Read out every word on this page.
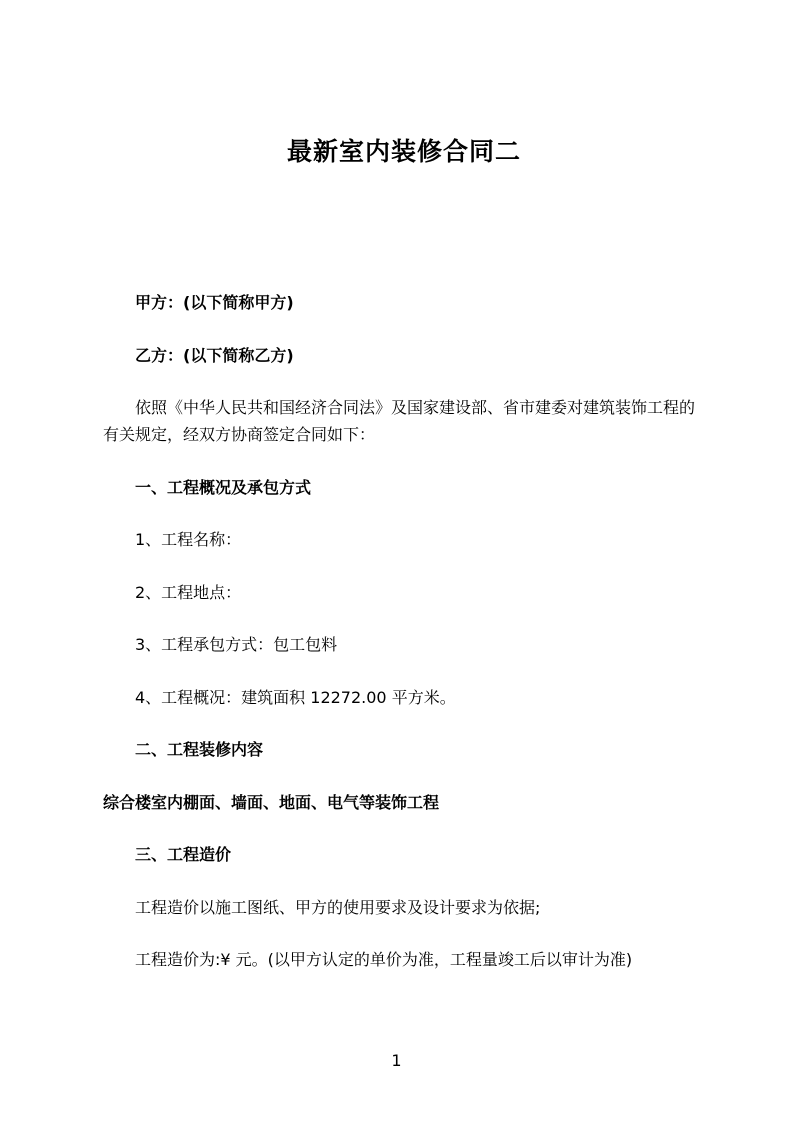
最新室内装修合同二

甲方：(以下简称甲方)

乙方：(以下简称乙方)

依照《中华人民共和国经济合同法》及国家建设部、省市建委对建筑装饰工程的有关规定，经双方协商签定合同如下：

一、工程概况及承包方式

1、工程名称：

2、工程地点：

3、工程承包方式：包工包料

4、工程概况：建筑面积 12272.00 平方米。

二、工程装修内容

综合楼室内棚面、墙面、地面、电气等装饰工程

三、工程造价

工程造价以施工图纸、甲方的使用要求及设计要求为依据;

工程造价为:¥ 元。(以甲方认定的单价为准，工程量竣工后以审计为准)

1
